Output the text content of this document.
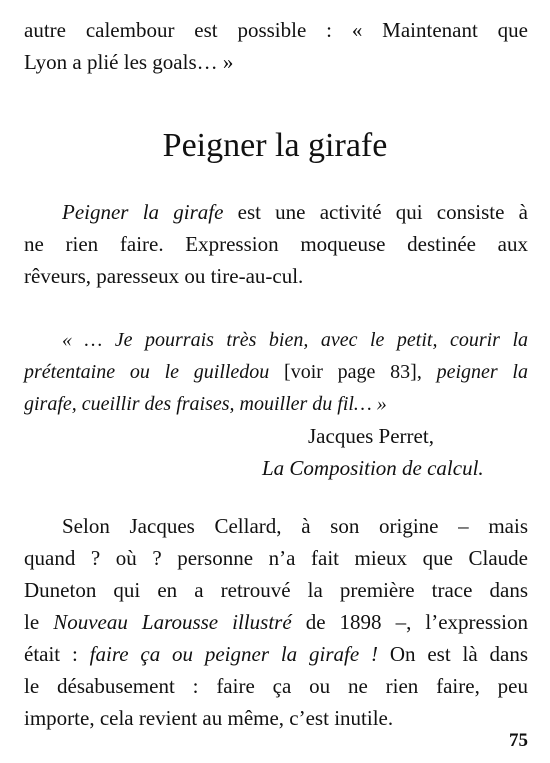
autre calembour est possible : « Maintenant que
Lyon a plié les goals… »

Peigner la girafe

Peigner la girafe est une activité qui consiste à
ne rien faire. Expression moqueuse destinée aux
rêveurs, paresseux ou tire-au-cul.

« … Je pourrais très bien, avec le petit, courir la
prétentaine ou le guilledou [voir page 83], peigner la
girafe, cueillir des fraises, mouiller du fil… »

Jacques Perret,

La Composition de calcul.

Selon Jacques Cellard, à son origine – mais
quand ? où ? personne n’a fait mieux que Claude
Duneton qui en a retrouvé la première trace dans
le Nouveau Larousse illustré de 1898 –, l’expression
était : faire ça ou peigner la girafe ! On est là dans
le désabusement : faire ça ou ne rien faire, peu
importe, cela revient au même, c’est inutile.

75
